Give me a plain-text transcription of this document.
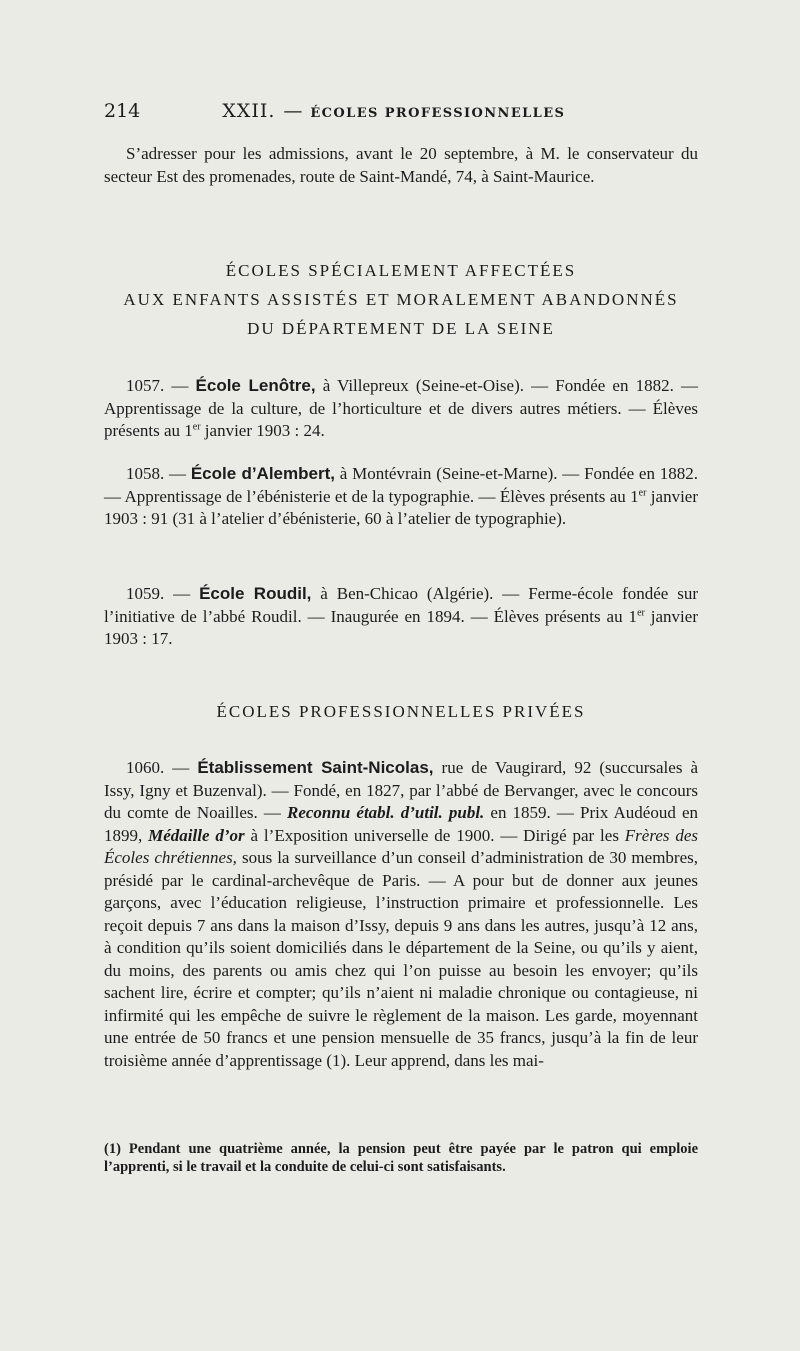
214	XXII. — ÉCOLES PROFESSIONNELLES

S’adresser pour les admissions, avant le 20 septembre, à M. le conservateur du secteur Est des promenades, route de Saint-Mandé, 74, à Saint-Maurice.

ÉCOLES SPÉCIALEMENT AFFECTÉES

AUX ENFANTS ASSISTÉS ET MORALEMENT ABANDONNÉS

DU DÉPARTEMENT DE LA SEINE

1057. — École Lenôtre, à Villepreux (Seine-et-Oise). — Fondée en 1882. — Apprentissage de la culture, de l’horticulture et de divers autres métiers. — Élèves présents au 1er janvier 1903 : 24.

1058. — École d’Alembert, à Montévrain (Seine-et-Marne). — Fondée en 1882. — Apprentissage de l’ébénisterie et de la typographie. — Élèves présents au 1er janvier 1903 : 91 (31 à l’atelier d’ébénisterie, 60 à l’atelier de typographie).

1059. — École Roudil, à Ben-Chicao (Algérie). — Ferme-école fondée sur l’initiative de l’abbé Roudil. — Inaugurée en 1894. — Élèves présents au 1er janvier 1903 : 17.

ÉCOLES PROFESSIONNELLES PRIVÉES

1060. — Établissement Saint-Nicolas, rue de Vaugirard, 92 (succursales à Issy, Igny et Buzenval). — Fondé, en 1827, par l’abbé de Bervanger, avec le concours du comte de Noailles. — Reconnu établ. d’util. publ. en 1859. — Prix Audéoud en 1899, Médaille d’or à l’Exposition universelle de 1900. — Dirigé par les Frères des Écoles chrétiennes, sous la surveillance d’un conseil d’administration de 30 membres, présidé par le cardinal-archevêque de Paris. — A pour but de donner aux jeunes garçons, avec l’éducation religieuse, l’instruction primaire et professionnelle. Les reçoit depuis 7 ans dans la maison d’Issy, depuis 9 ans dans les autres, jusqu’à 12 ans, à condition qu’ils soient domiciliés dans le département de la Seine, ou qu’ils y aient, du moins, des parents ou amis chez qui l’on puisse au besoin les envoyer; qu’ils sachent lire, écrire et compter; qu’ils n’aient ni maladie chronique ou contagieuse, ni infirmité qui les empêche de suivre le règlement de la maison. Les garde, moyennant une entrée de 50 francs et une pension mensuelle de 35 francs, jusqu’à la fin de leur troisième année d’apprentissage (1). Leur apprend, dans les mai-

(1) Pendant une quatrième année, la pension peut être payée par le patron qui emploie l’apprenti, si le travail et la conduite de celui-ci sont satisfaisants.
